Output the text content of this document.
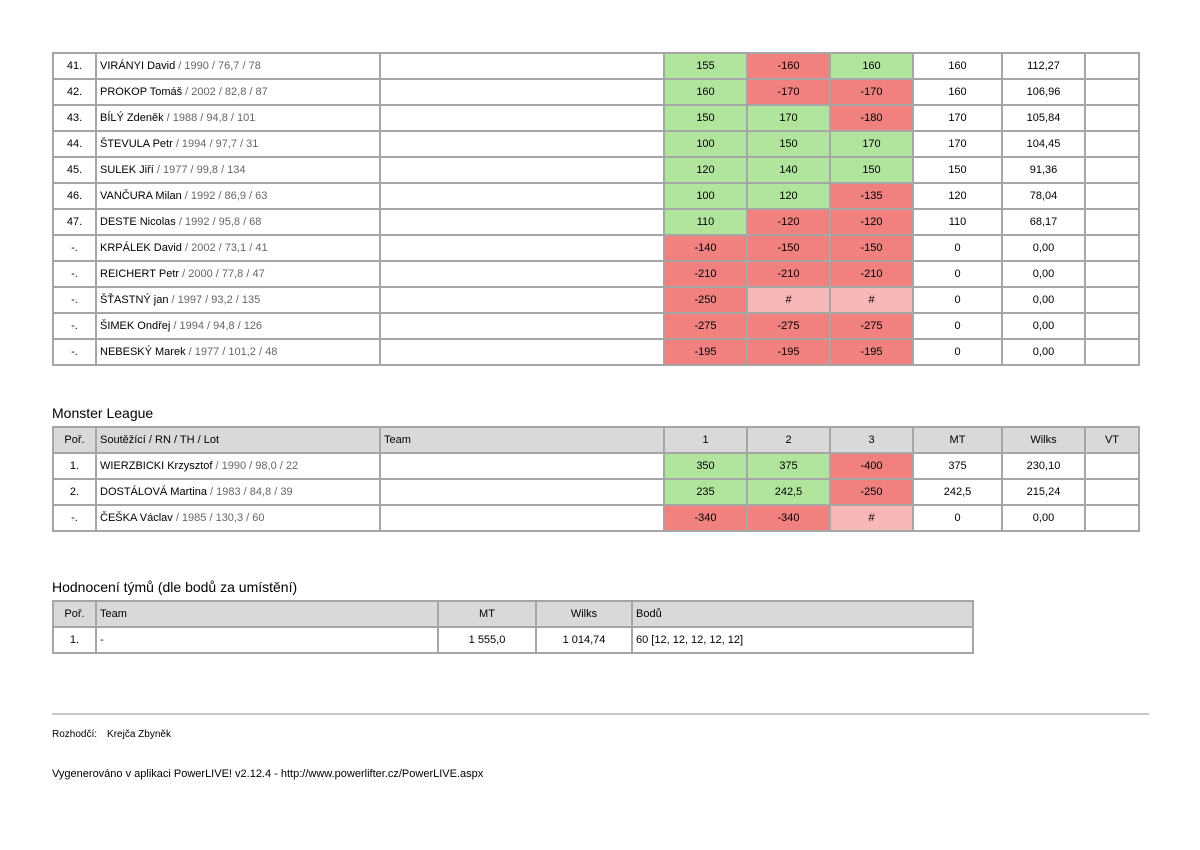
41.	VIRÁNYI David / 1990 / 76,7 / 78		155	-160	160	160	112,27	
42.	PROKOP Tomáš / 2002 / 82,8 / 87		160	-170	-170	160	106,96	
43.	BÍLÝ Zdeněk / 1988 / 94,8 / 101		150	170	-180	170	105,84	
44.	ŠTEVULA Petr / 1994 / 97,7 / 31		100	150	170	170	104,45	
45.	SULEK Jiří / 1977 / 99,8 / 134		120	140	150	150	91,36	
46.	VANČURA Milan / 1992 / 86,9 / 63		100	120	-135	120	78,04	
47.	DESTE Nicolas / 1992 / 95,8 / 68		110	-120	-120	110	68,17	
-.	KRPÁLEK David / 2002 / 73,1 / 41		-140	-150	-150	0	0,00	
-.	REICHERT Petr / 2000 / 77,8 / 47		-210	-210	-210	0	0,00	
-.	ŠŤASTNÝ jan / 1997 / 93,2 / 135		-250	#	#	0	0,00	
-.	ŠIMEK Ondřej / 1994 / 94,8 / 126		-275	-275	-275	0	0,00	
-.	NEBESKÝ Marek / 1977 / 101,2 / 48		-195	-195	-195	0	0,00	
Monster League
Poř.	Soutěžící / RN / TH / Lot	Team	1	2	3	MT	Wilks	VT
1.	WIERZBICKI Krzysztof / 1990 / 98,0 / 22		350	375	-400	375	230,10	
2.	DOSTÁLOVÁ Martina / 1983 / 84,8 / 39		235	242,5	-250	242,5	215,24	
-.	ČEŠKA Václav / 1985 / 130,3 / 60		-340	-340	#	0	0,00	
Hodnocení týmů (dle bodů za umístění)
Poř.	Team	MT	Wilks	Bodů
1.	-	1 555,0	1 014,74	60 [12, 12, 12, 12, 12]
Rozhodčí: Krejča Zbyněk
Vygenerováno v aplikaci PowerLIVE! v2.12.4 - http://www.powerlifter.cz/PowerLIVE.aspx
